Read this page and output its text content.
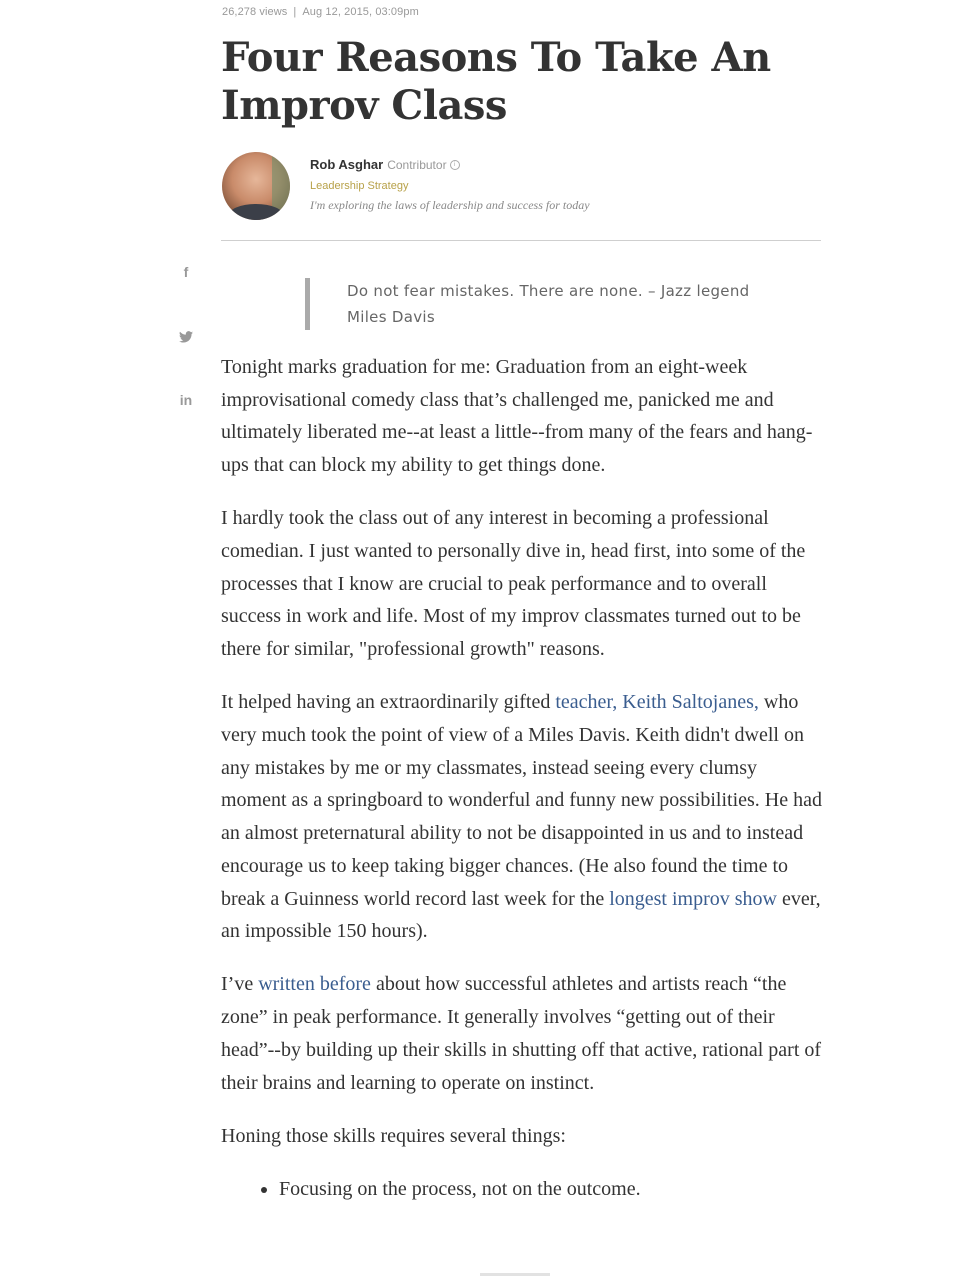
26,278 views | Aug 12, 2015, 03:09pm
Four Reasons To Take An Improv Class
Rob Asghar Contributor i
Leadership Strategy
I'm exploring the laws of leadership and success for today
f
in
Do not fear mistakes. There are none. – Jazz legend Miles Davis

Tonight marks graduation for me: Graduation from an eight-week improvisational comedy class that’s challenged me, panicked me and ultimately liberated me--at least a little--from many of the fears and hang-ups that can block my ability to get things done.

I hardly took the class out of any interest in becoming a professional comedian. I just wanted to personally dive in, head first, into some of the processes that I know are crucial to peak performance and to overall success in work and life. Most of my improv classmates turned out to be there for similar, "professional growth" reasons.

It helped having an extraordinarily gifted teacher, Keith Saltojanes, who very much took the point of view of a Miles Davis. Keith didn't dwell on any mistakes by me or my classmates, instead seeing every clumsy moment as a springboard to wonderful and funny new possibilities. He had an almost preternatural ability to not be disappointed in us and to instead encourage us to keep taking bigger chances. (He also found the time to break a Guinness world record last week for the longest improv show ever, an impossible 150 hours).

I’ve written before about how successful athletes and artists reach “the zone” in peak performance. It generally involves “getting out of their head”--by building up their skills in shutting off that active, rational part of their brains and learning to operate on instinct.

Honing those skills requires several things:

• Focusing on the process, not on the outcome.
